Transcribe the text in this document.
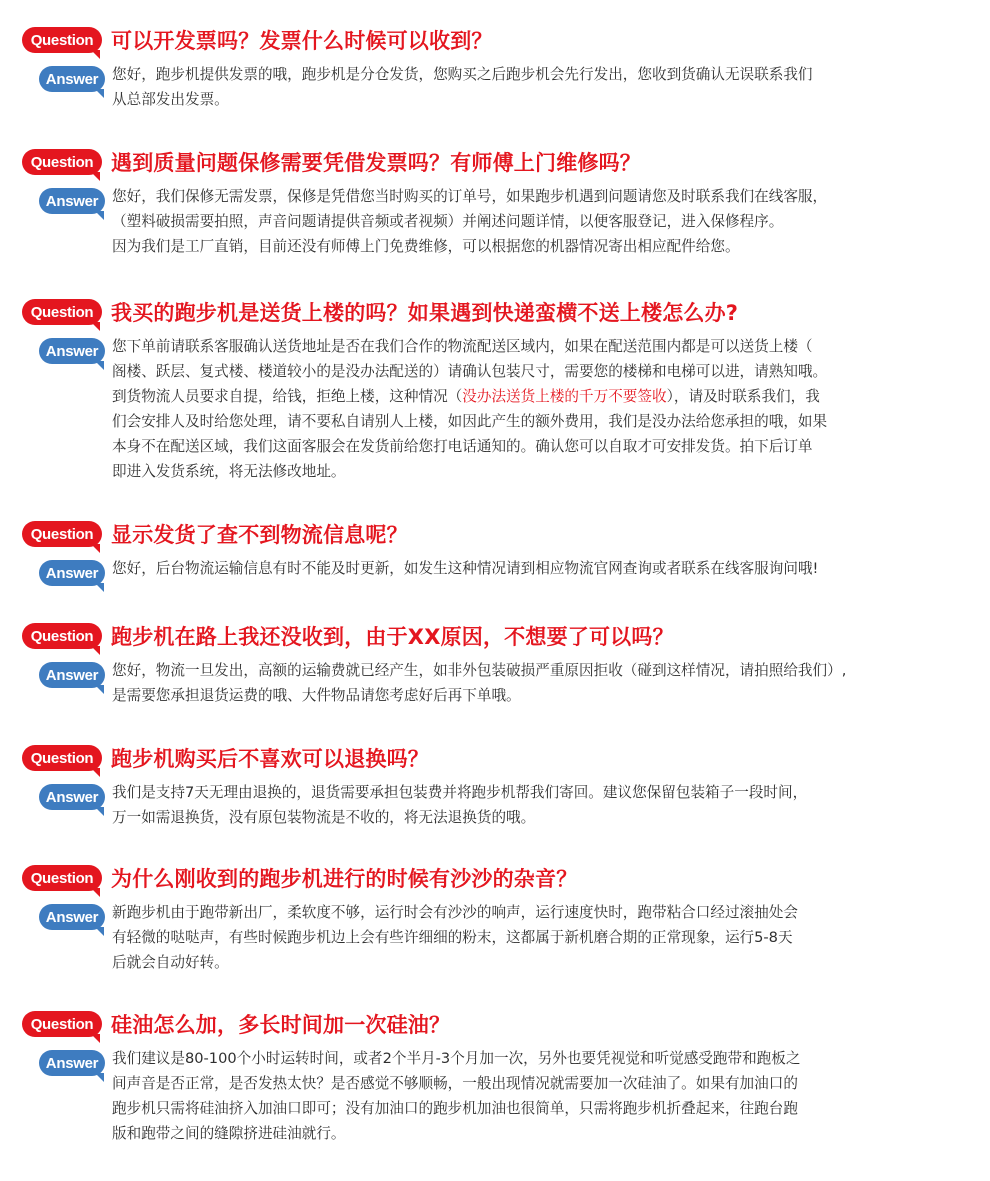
Question 可以开发票吗？发票什么时候可以收到？
Answer 您好，跑步机提供发票的哦，跑步机是分仓发货，您购买之后跑步机会先行发出，您收到货确认无误联系我们
从总部发出发票。
Question 遇到质量问题保修需要凭借发票吗？有师傅上门维修吗？
Answer 您好，我们保修无需发票，保修是凭借您当时购买的订单号，如果跑步机遇到问题请您及时联系我们在线客服，
（塑料破损需要拍照，声音问题请提供音频或者视频）并阐述问题详情，以便客服登记，进入保修程序。
因为我们是工厂直销，目前还没有师傅上门免费维修，可以根据您的机器情况寄出相应配件给您。
Question 我买的跑步机是送货上楼的吗？如果遇到快递蛮横不送上楼怎么办?
Answer 您下单前请联系客服确认送货地址是否在我们合作的物流配送区域内，如果在配送范围内都是可以送货上楼（
阁楼、跃层、复式楼、楼道较小的是没办法配送的）请确认包装尺寸，需要您的楼梯和电梯可以进，请熟知哦。
到货物流人员要求自提，给钱，拒绝上楼，这种情况（没办法送货上楼的千万不要签收），请及时联系我们，我
们会安排人及时给您处理，请不要私自请别人上楼，如因此产生的额外费用，我们是没办法给您承担的哦，如果
本身不在配送区域，我们这面客服会在发货前给您打电话通知的。确认您可以自取才可安排发货。拍下后订单
即进入发货系统，将无法修改地址。
Question 显示发货了查不到物流信息呢？
Answer 您好，后台物流运输信息有时不能及时更新，如发生这种情况请到相应物流官网查询或者联系在线客服询问哦!
Question 跑步机在路上我还没收到，由于XX原因，不想要了可以吗？
Answer 您好，物流一旦发出，高额的运输费就已经产生，如非外包装破损严重原因拒收（碰到这样情况，请拍照给我们）,
是需要您承担退货运费的哦、大件物品请您考虑好后再下单哦。
Question 跑步机购买后不喜欢可以退换吗？
Answer 我们是支持7天无理由退换的，退货需要承担包装费并将跑步机帮我们寄回。建议您保留包装箱子一段时间，
万一如需退换货，没有原包装物流是不收的，将无法退换货的哦。
Question 为什么刚收到的跑步机进行的时候有沙沙的杂音？
Answer 新跑步机由于跑带新出厂，柔软度不够，运行时会有沙沙的响声，运行速度快时，跑带粘合口经过滚抽处会
有轻微的哒哒声，有些时候跑步机边上会有些许细细的粉末，这都属于新机磨合期的正常现象，运行5-8天
后就会自动好转。
Question 硅油怎么加，多长时间加一次硅油？
Answer 我们建议是80-100个小时运转时间，或者2个半月-3个月加一次，另外也要凭视觉和听觉感受跑带和跑板之
间声音是否正常，是否发热太快？是否感觉不够顺畅，一般出现情况就需要加一次硅油了。如果有加油口的
跑步机只需将硅油挤入加油口即可；没有加油口的跑步机加油也很简单，只需将跑步机折叠起来，往跑台跑
版和跑带之间的缝隙挤进硅油就行。
